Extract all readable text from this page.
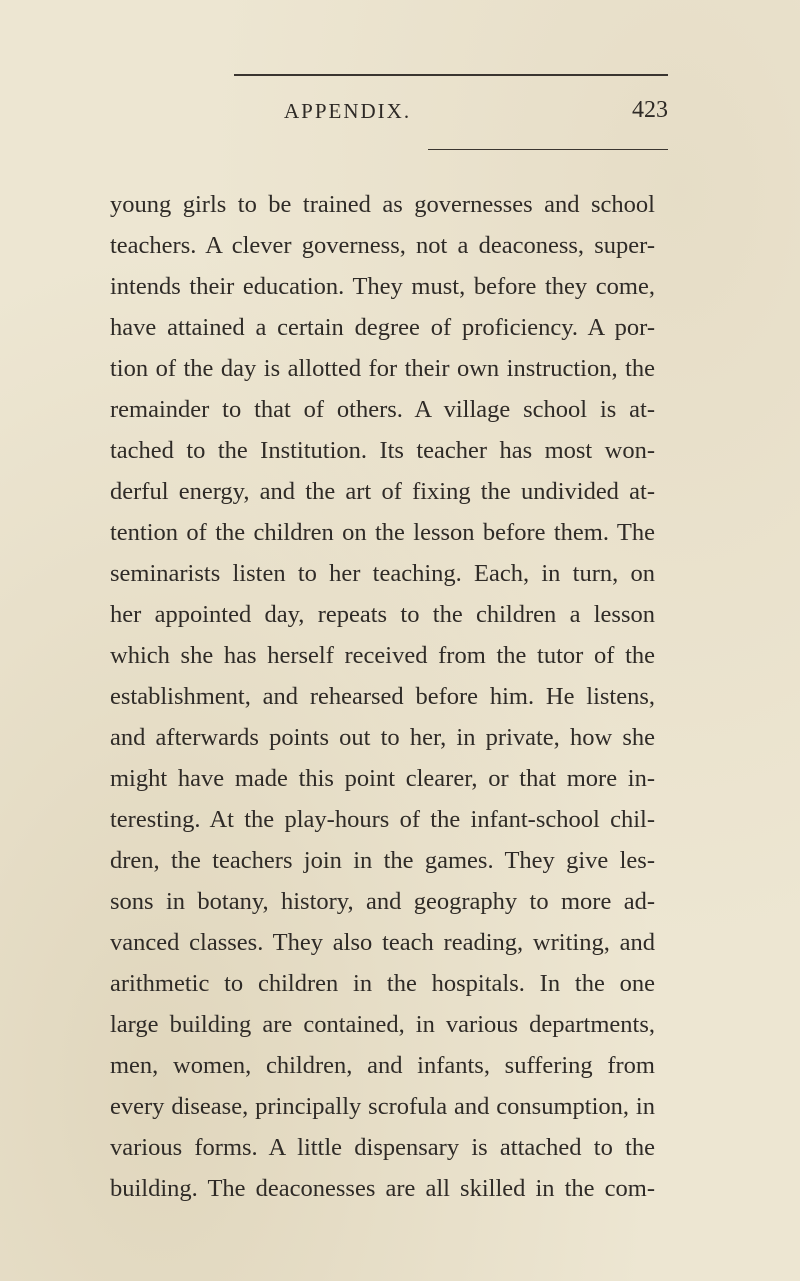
APPENDIX.	423
young girls to be trained as governesses and school
teachers. A clever governess, not a deaconess, super-
intends their education. They must, before they come,
have attained a certain degree of proficiency. A por-
tion of the day is allotted for their own instruction, the
remainder to that of others. A village school is at-
tached to the Institution. Its teacher has most won-
derful energy, and the art of fixing the undivided at-
tention of the children on the lesson before them. The
seminarists listen to her teaching. Each, in turn, on
her appointed day, repeats to the children a lesson
which she has herself received from the tutor of the
establishment, and rehearsed before him. He listens,
and afterwards points out to her, in private, how she
might have made this point clearer, or that more in-
teresting. At the play-hours of the infant-school chil-
dren, the teachers join in the games. They give les-
sons in botany, history, and geography to more ad-
vanced classes. They also teach reading, writing, and
arithmetic to children in the hospitals. In the one
large building are contained, in various departments,
men, women, children, and infants, suffering from
every disease, principally scrofula and consumption, in
various forms. A little dispensary is attached to the
building. The deaconesses are all skilled in the com-
